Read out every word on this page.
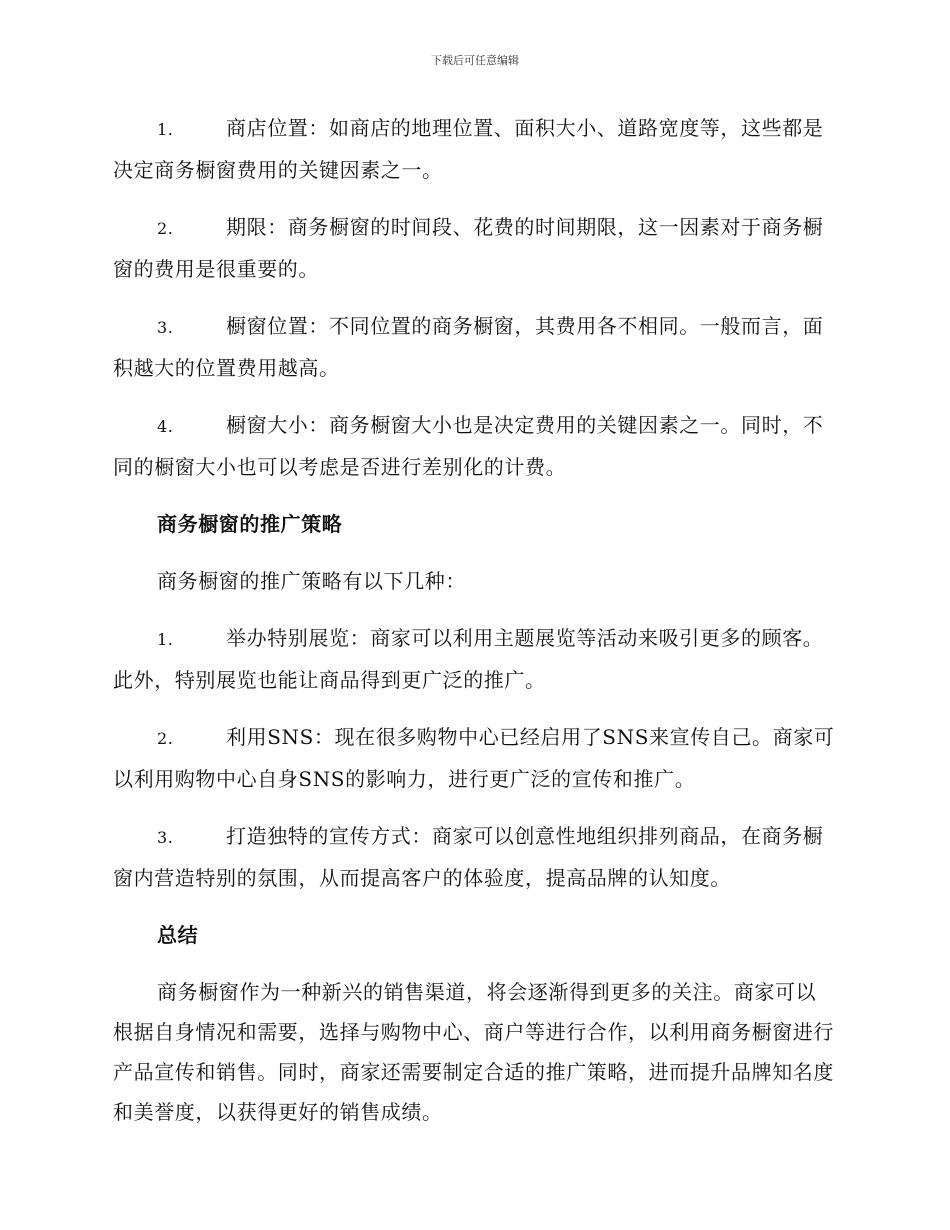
下载后可任意编辑

1.	商店位置：如商店的地理位置、面积大小、道路宽度等，这些都是决定商务橱窗费用的关键因素之一。

2.	期限：商务橱窗的时间段、花费的时间期限，这一因素对于商务橱窗的费用是很重要的。

3.	橱窗位置：不同位置的商务橱窗，其费用各不相同。一般而言，面积越大的位置费用越高。

4.	橱窗大小：商务橱窗大小也是决定费用的关键因素之一。同时，不同的橱窗大小也可以考虑是否进行差别化的计费。

商务橱窗的推广策略

商务橱窗的推广策略有以下几种：

1.	举办特别展览：商家可以利用主题展览等活动来吸引更多的顾客。此外，特别展览也能让商品得到更广泛的推广。

2.	利用SNS：现在很多购物中心已经启用了SNS来宣传自己。商家可以利用购物中心自身SNS的影响力，进行更广泛的宣传和推广。

3.	打造独特的宣传方式：商家可以创意性地组织排列商品，在商务橱窗内营造特别的氛围，从而提高客户的体验度，提高品牌的认知度。

总结

商务橱窗作为一种新兴的销售渠道，将会逐渐得到更多的关注。商家可以根据自身情况和需要，选择与购物中心、商户等进行合作，以利用商务橱窗进行产品宣传和销售。同时，商家还需要制定合适的推广策略，进而提升品牌知名度和美誉度，以获得更好的销售成绩。
